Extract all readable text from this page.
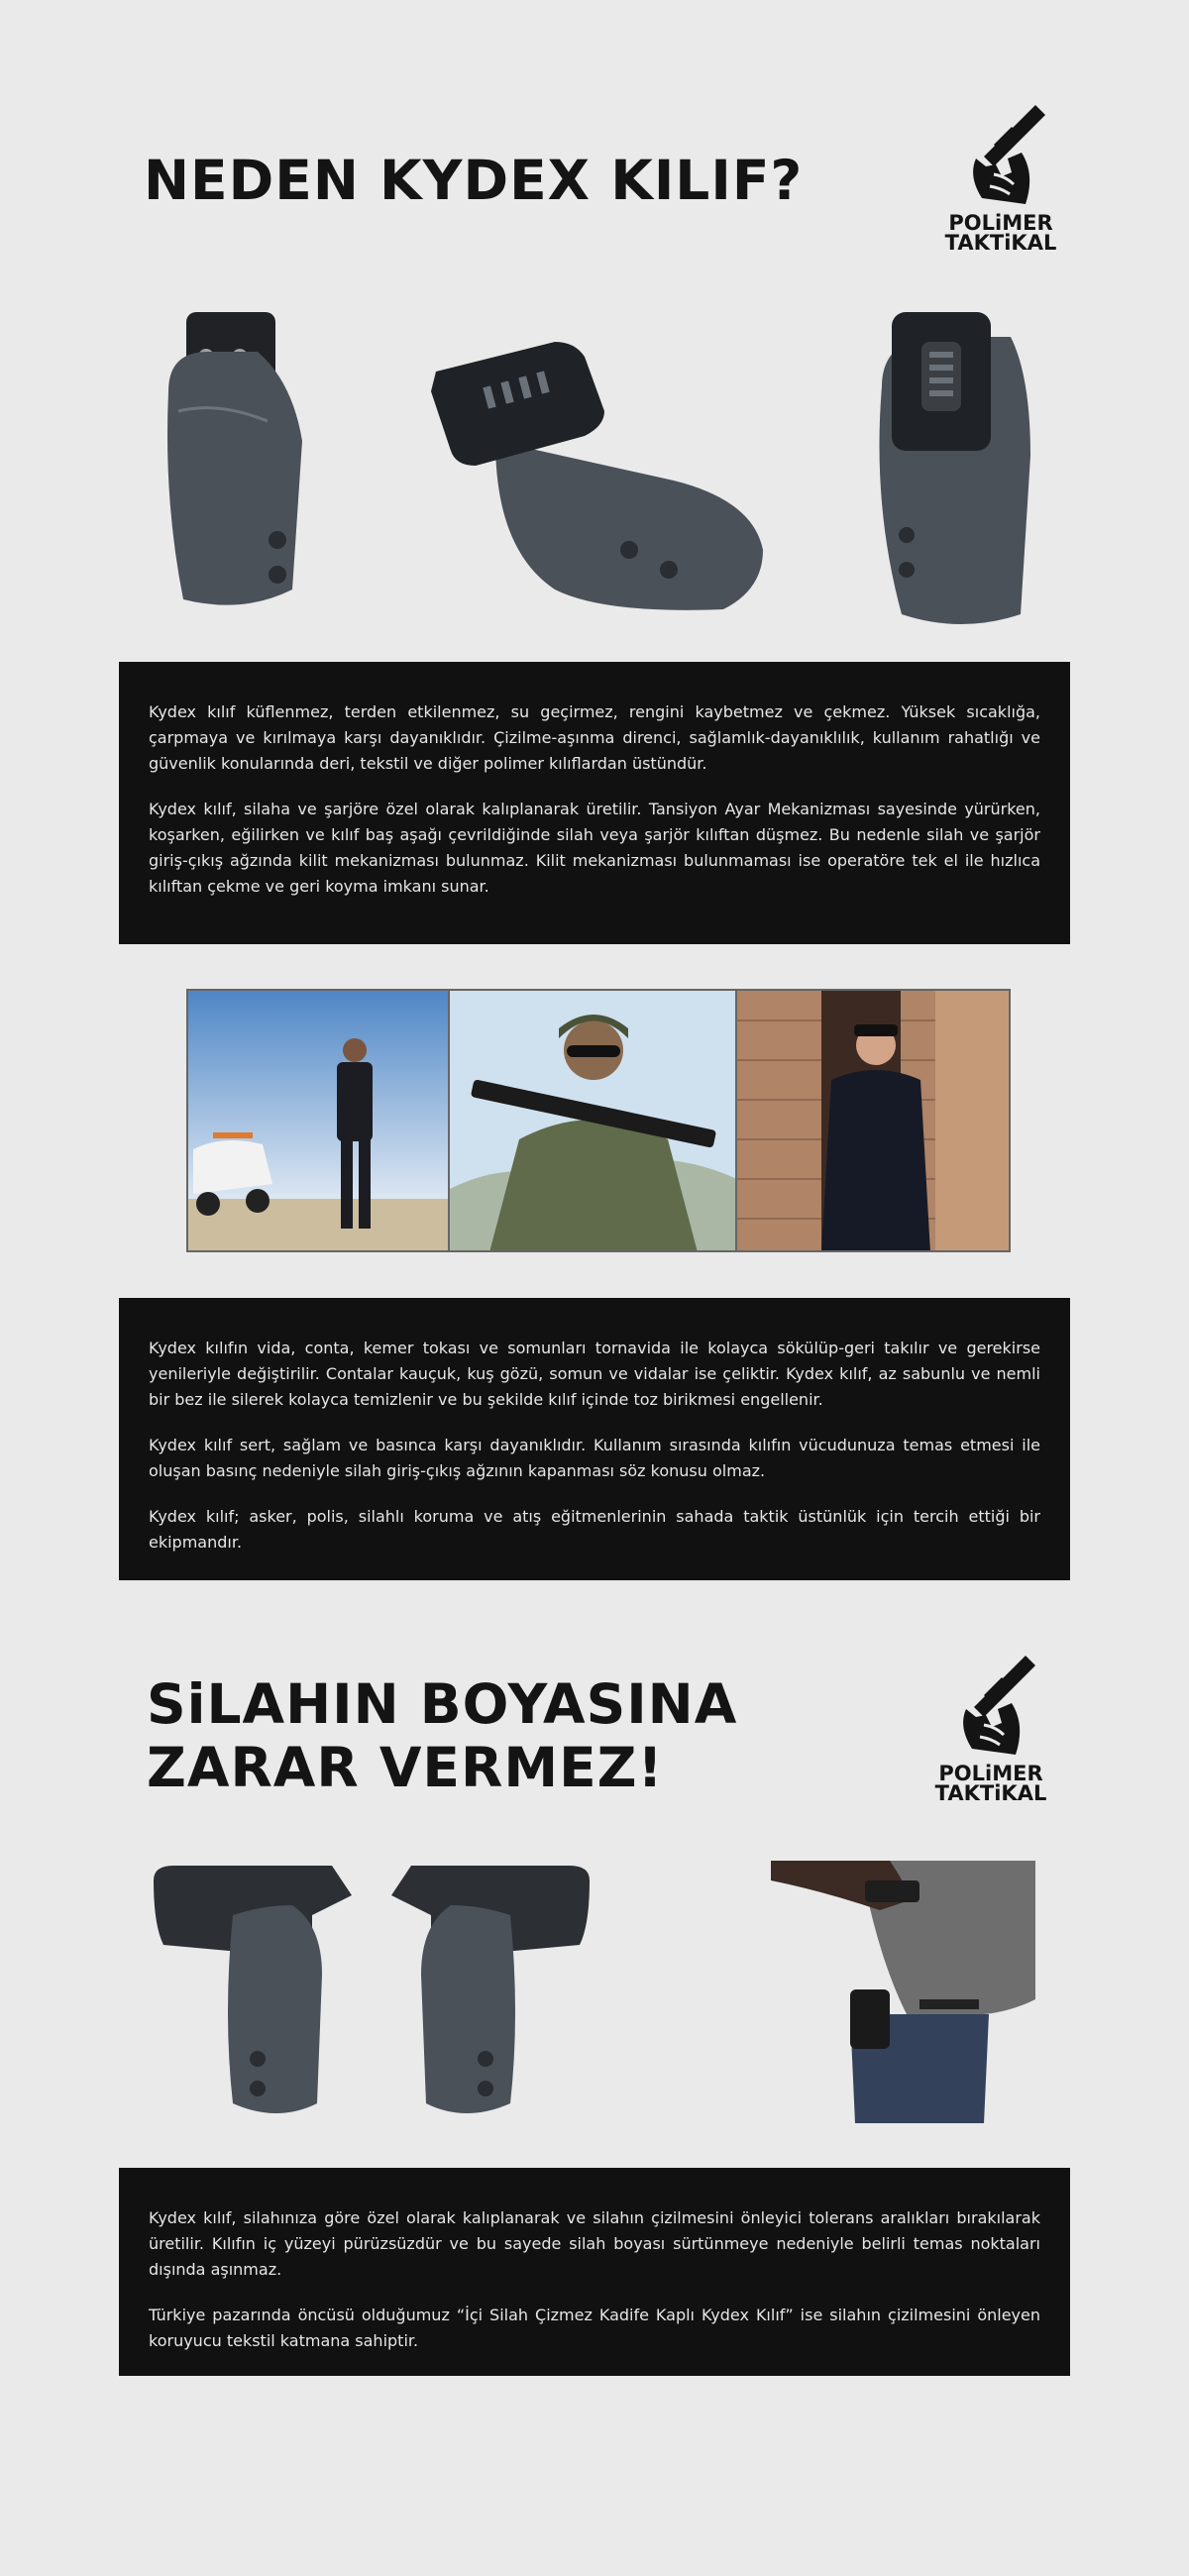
NEDEN KYDEX KILIF?
POLiMER
TAKTiKAL

Kydex kılıf küflenmez, terden etkilenmez, su geçirmez, rengini kaybetmez ve çekmez. Yüksek sıcaklığa, çarpmaya ve kırılmaya karşı dayanıklıdır. Çizilme-aşınma direnci, sağlamlık-dayanıklılık, kullanım rahatlığı ve güvenlik konularında deri, tekstil ve diğer polimer kılıflardan üstündür.

Kydex kılıf, silaha ve şarjöre özel olarak kalıplanarak üretilir. Tansiyon Ayar Mekanizması sayesinde yürürken, koşarken, eğilirken ve kılıf baş aşağı çevrildiğinde silah veya şarjör kılıftan düşmez. Bu nedenle silah ve şarjör giriş-çıkış ağzında kilit mekanizması bulunmaz. Kilit mekanizması bulunmaması ise operatöre tek el ile hızlıca kılıftan çekme ve geri koyma imkanı sunar.

Kydex kılıfın vida, conta, kemer tokası ve somunları tornavida ile kolayca sökülüp-geri takılır ve gerekirse yenileriyle değiştirilir. Contalar kauçuk, kuş gözü, somun ve vidalar ise çeliktir. Kydex kılıf, az sabunlu ve nemli bir bez ile silerek kolayca temizlenir ve bu şekilde kılıf içinde toz birikmesi engellenir.

Kydex kılıf sert, sağlam ve basınca karşı dayanıklıdır. Kullanım sırasında kılıfın vücudunuza temas etmesi ile oluşan basınç nedeniyle silah giriş-çıkış ağzının kapanması söz konusu olmaz.

Kydex kılıf; asker, polis, silahlı koruma ve atış eğitmenlerinin sahada taktik üstünlük için tercih ettiği bir ekipmandır.

SiLAHIN BOYASINA
ZARAR VERMEZ!	POLiMER
TAKTiKAL

Kydex kılıf, silahınıza göre özel olarak kalıplanarak ve silahın çizilmesini önleyici tolerans aralıkları bırakılarak üretilir. Kılıfın iç yüzeyi pürüzsüzdür ve bu sayede silah boyası sürtünmeye nedeniyle belirli temas noktaları dışında aşınmaz.

Türkiye pazarında öncüsü olduğumuz “İçi Silah Çizmez Kadife Kaplı Kydex Kılıf” ise silahın çizilmesini önleyen koruyucu tekstil katmana sahiptir.
